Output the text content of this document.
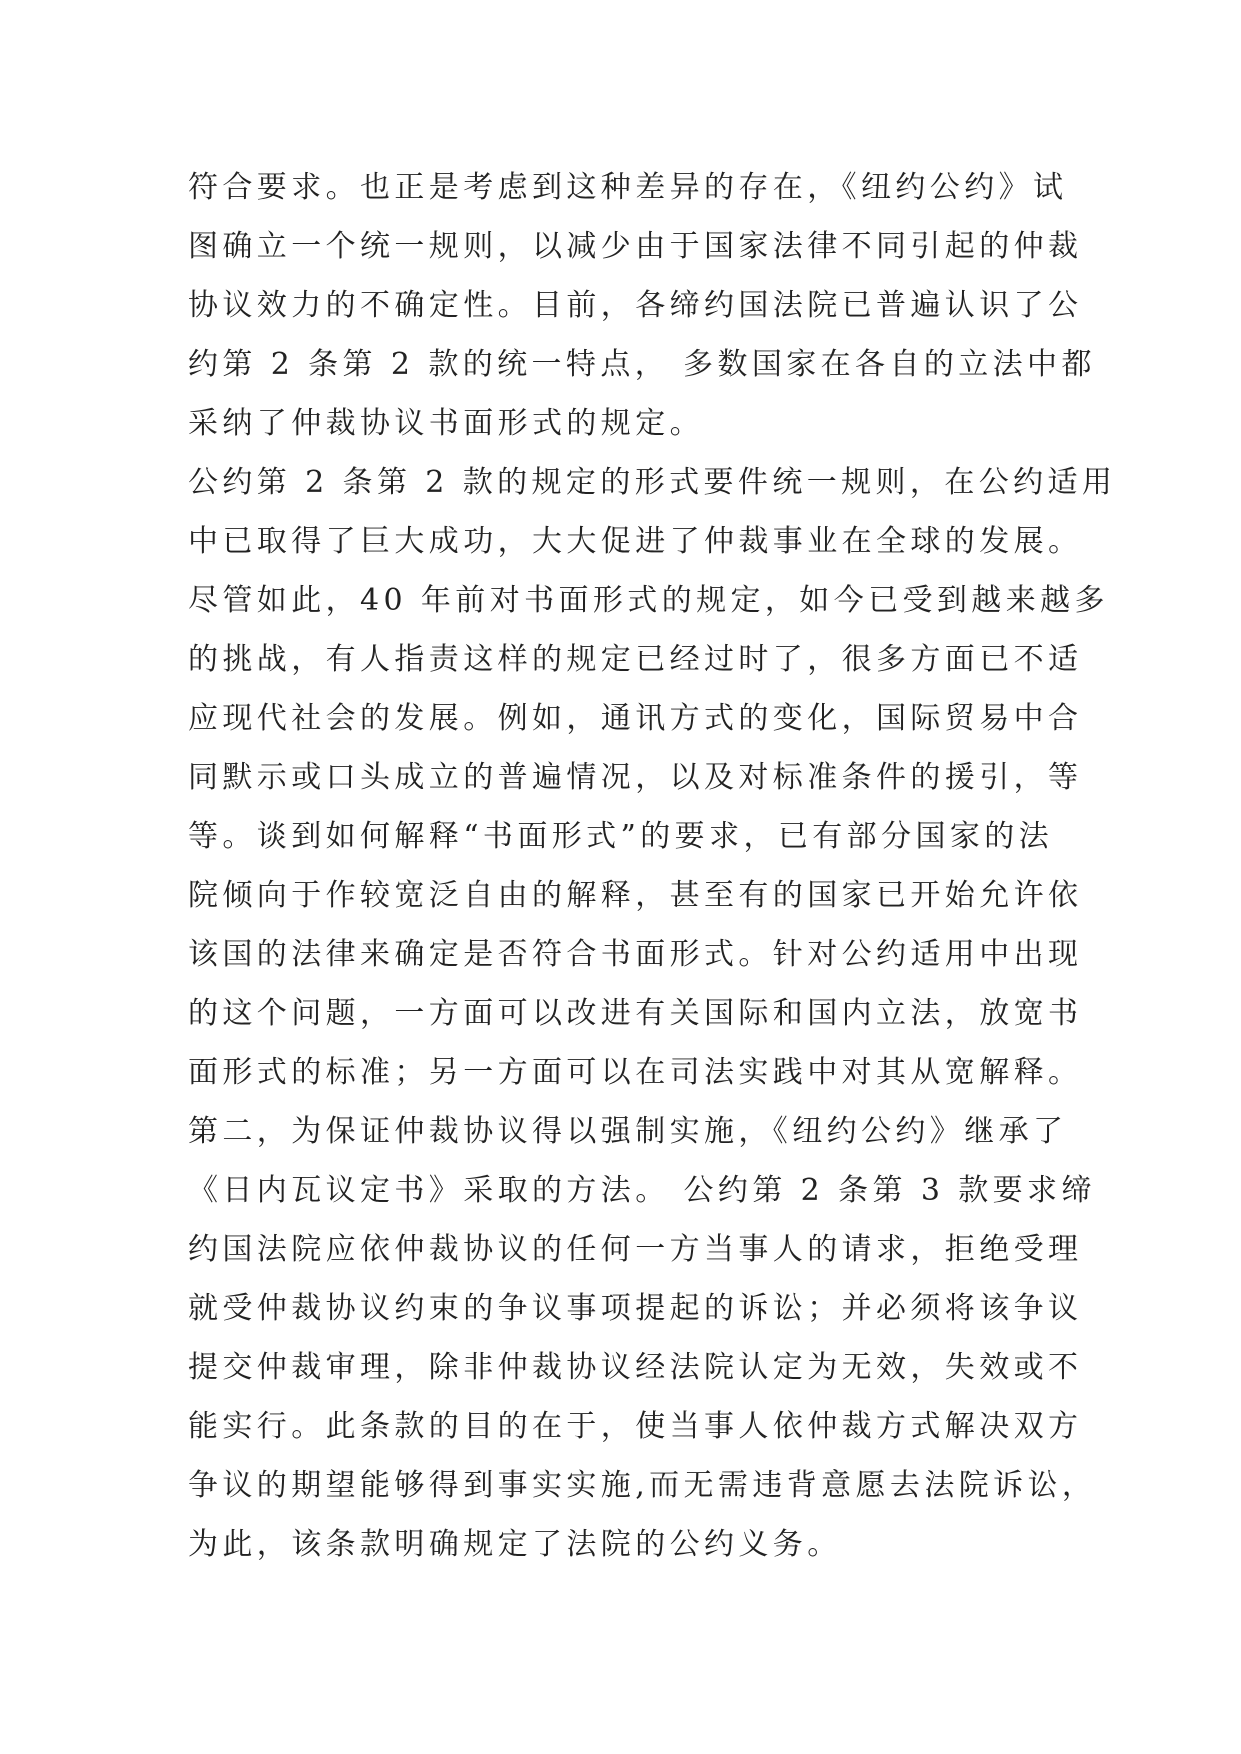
符合要求。也正是考虑到这种差异的存在，《纽约公约》试
图确立一个统一规则，以减少由于国家法律不同引起的仲裁
协议效力的不确定性。目前，各缔约国法院已普遍认识了公
约第 2 条第 2 款的统一特点， 多数国家在各自的立法中都
采纳了仲裁协议书面形式的规定。
公约第 2 条第 2 款的规定的形式要件统一规则，在公约适用
中已取得了巨大成功，大大促进了仲裁事业在全球的发展。
尽管如此，40 年前对书面形式的规定，如今已受到越来越多
的挑战，有人指责这样的规定已经过时了，很多方面已不适
应现代社会的发展。例如，通讯方式的变化，国际贸易中合
同默示或口头成立的普遍情况，以及对标准条件的援引，等
等。谈到如何解释“书面形式”的要求，已有部分国家的法
院倾向于作较宽泛自由的解释，甚至有的国家已开始允许依
该国的法律来确定是否符合书面形式。针对公约适用中出现
的这个问题，一方面可以改进有关国际和国内立法，放宽书
面形式的标准；另一方面可以在司法实践中对其从宽解释。
第二，为保证仲裁协议得以强制实施，《纽约公约》继承了
《日内瓦议定书》采取的方法。 公约第 2 条第 3 款要求缔
约国法院应依仲裁协议的任何一方当事人的请求，拒绝受理
就受仲裁协议约束的争议事项提起的诉讼；并必须将该争议
提交仲裁审理，除非仲裁协议经法院认定为无效，失效或不
能实行。此条款的目的在于，使当事人依仲裁方式解决双方
争议的期望能够得到事实实施,而无需违背意愿去法院诉讼，
为此，该条款明确规定了法院的公约义务。
